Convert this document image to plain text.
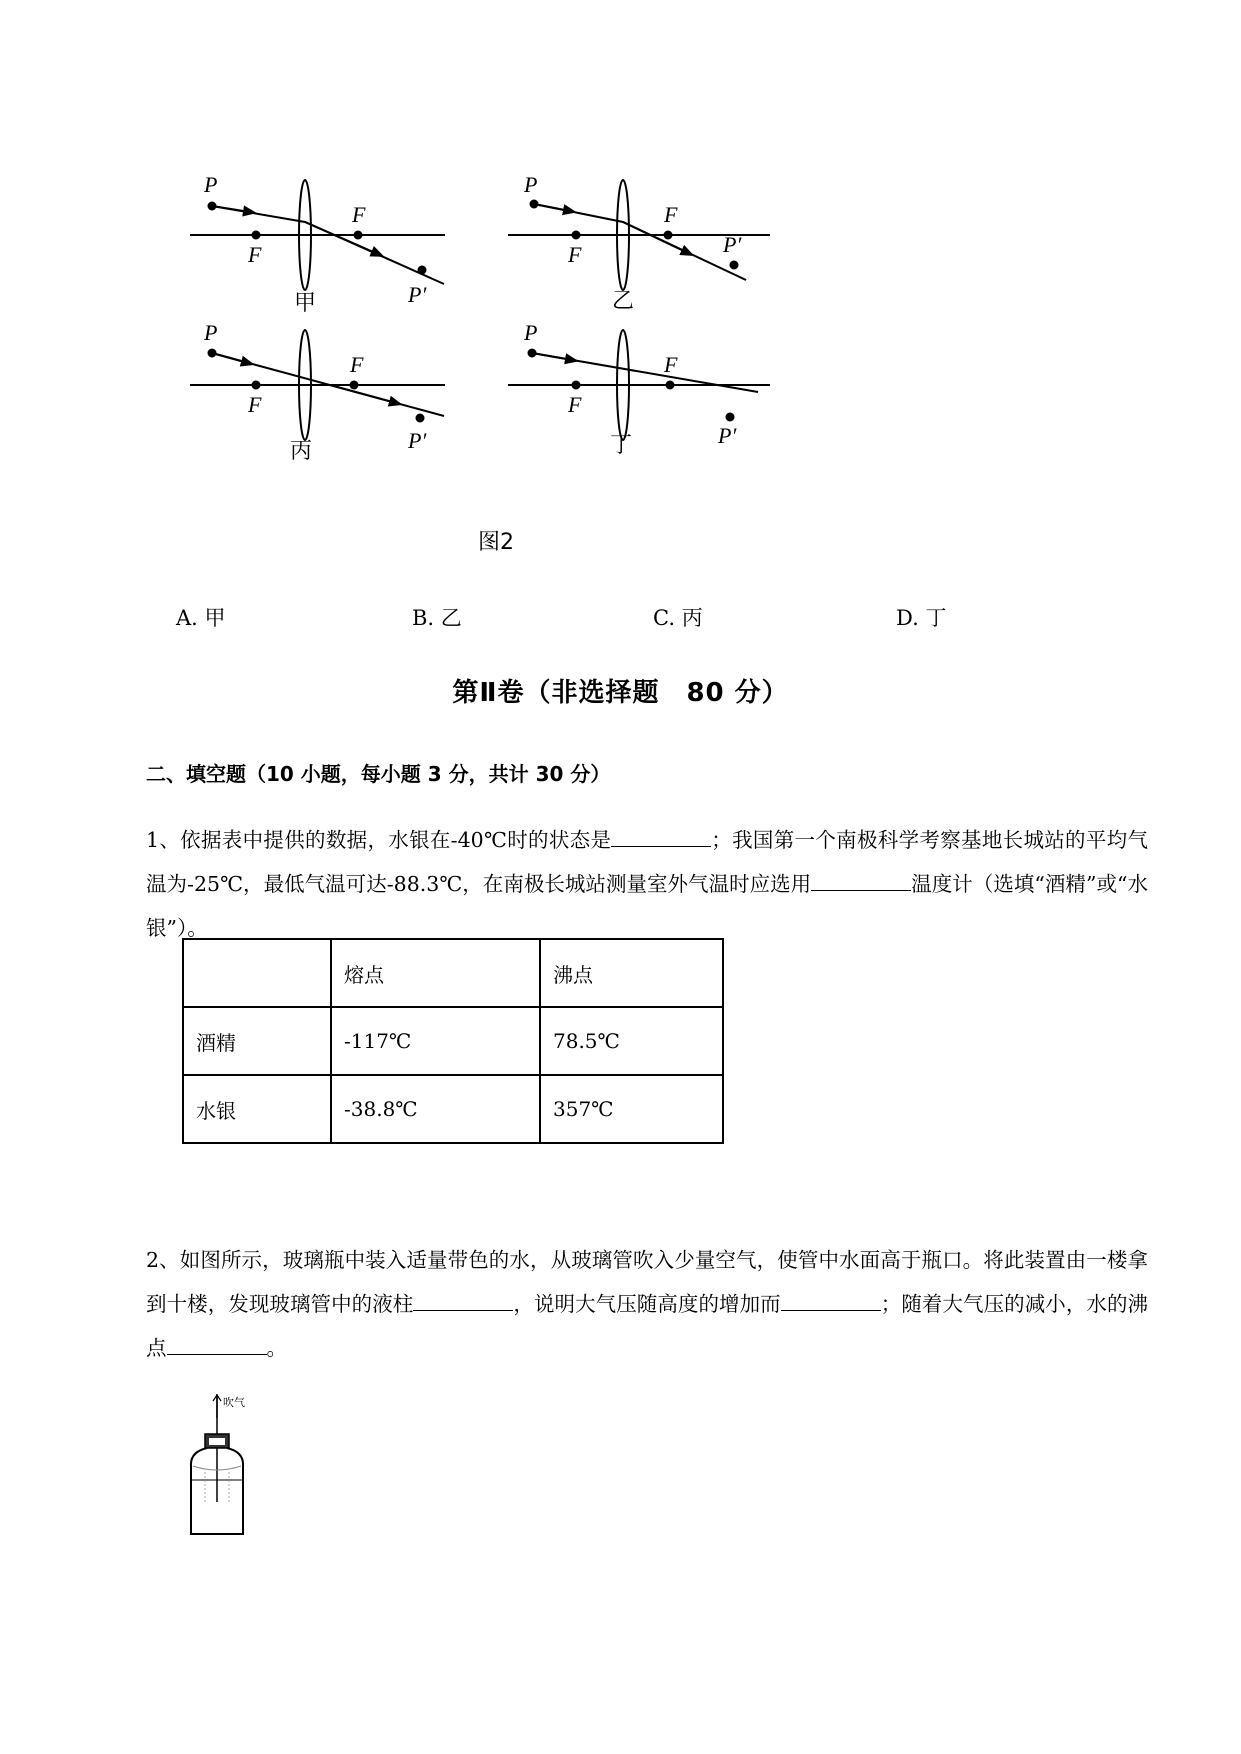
P
F
F
P′
甲
P
F
F
P′
乙
P
F
F
P′
丙
P
F
F
P′
丁
图2
A. 甲	B. 乙	C. 丙	D. 丁
第Ⅱ卷（非选择题　80 分）
二、填空题（10 小题，每小题 3 分，共计 30 分）
1、依据表中提供的数据，水银在-40℃时的状态是	；我国第一个南极科学考察基地长城站的平均气温为-25℃，最低气温可达-88.3℃，在南极长城站测量室外气温时应选用	温度计（选填“酒精”或“水银”）。
	熔点	沸点
酒精	-117℃	78.5℃
水银	-38.8℃	357℃
2、如图所示，玻璃瓶中装入适量带色的水，从玻璃管吹入少量空气，使管中水面高于瓶口。将此装置由一楼拿到十楼，发现玻璃管中的液柱	，说明大气压随高度的增加而	；随着大气压的减小，水的沸点	。
吹气
